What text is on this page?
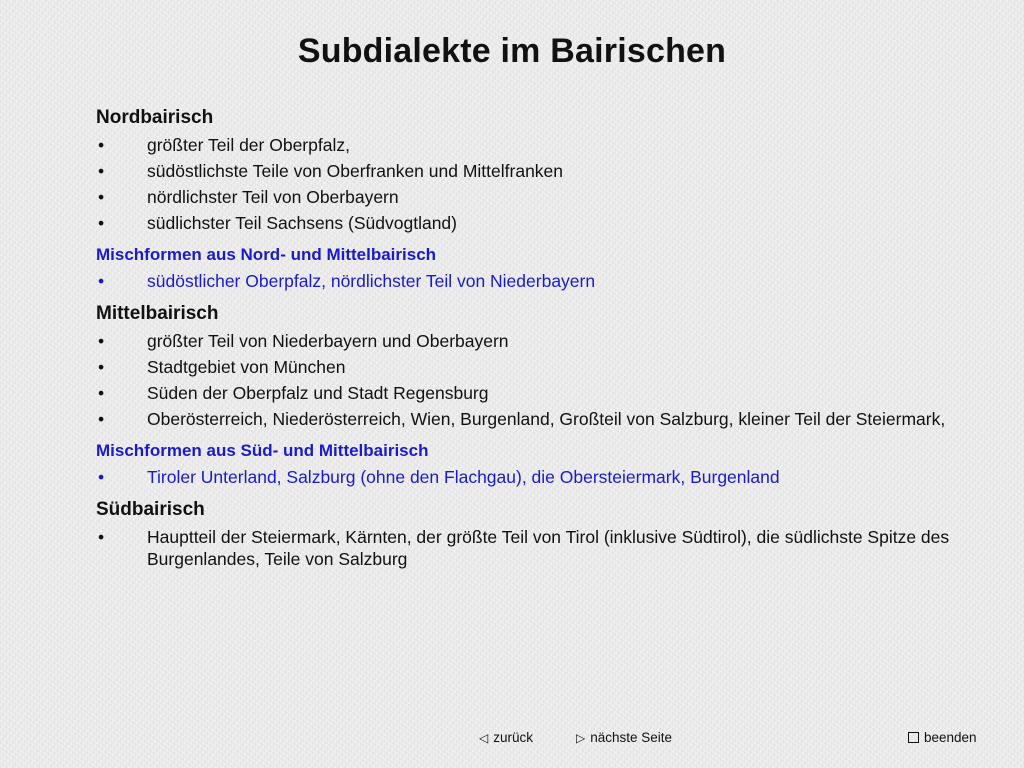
Subdialekte im Bairischen
Nordbairisch
• größter Teil der Oberpfalz,
• südöstlichste Teile von Oberfranken und Mittelfranken
• nördlichster Teil von Oberbayern
• südlichster Teil Sachsens (Südvogtland)
Mischformen aus Nord- und Mittelbairisch
• südöstlicher Oberpfalz, nördlichster Teil von Niederbayern
Mittelbairisch
• größter Teil von Niederbayern und Oberbayern
• Stadtgebiet von München
• Süden der Oberpfalz und Stadt Regensburg
• Oberösterreich, Niederösterreich, Wien, Burgenland, Großteil von Salzburg, kleiner Teil der Steiermark,
Mischformen aus Süd- und Mittelbairisch
• Tiroler Unterland, Salzburg (ohne den Flachgau), die Obersteiermark, Burgenland
Südbairisch
• Hauptteil der Steiermark, Kärnten, der größte Teil von Tirol (inklusive Südtirol), die südlichste Spitze des Burgenlandes, Teile von Salzburg
◁ zurück	▷ nächste Seite	beenden
